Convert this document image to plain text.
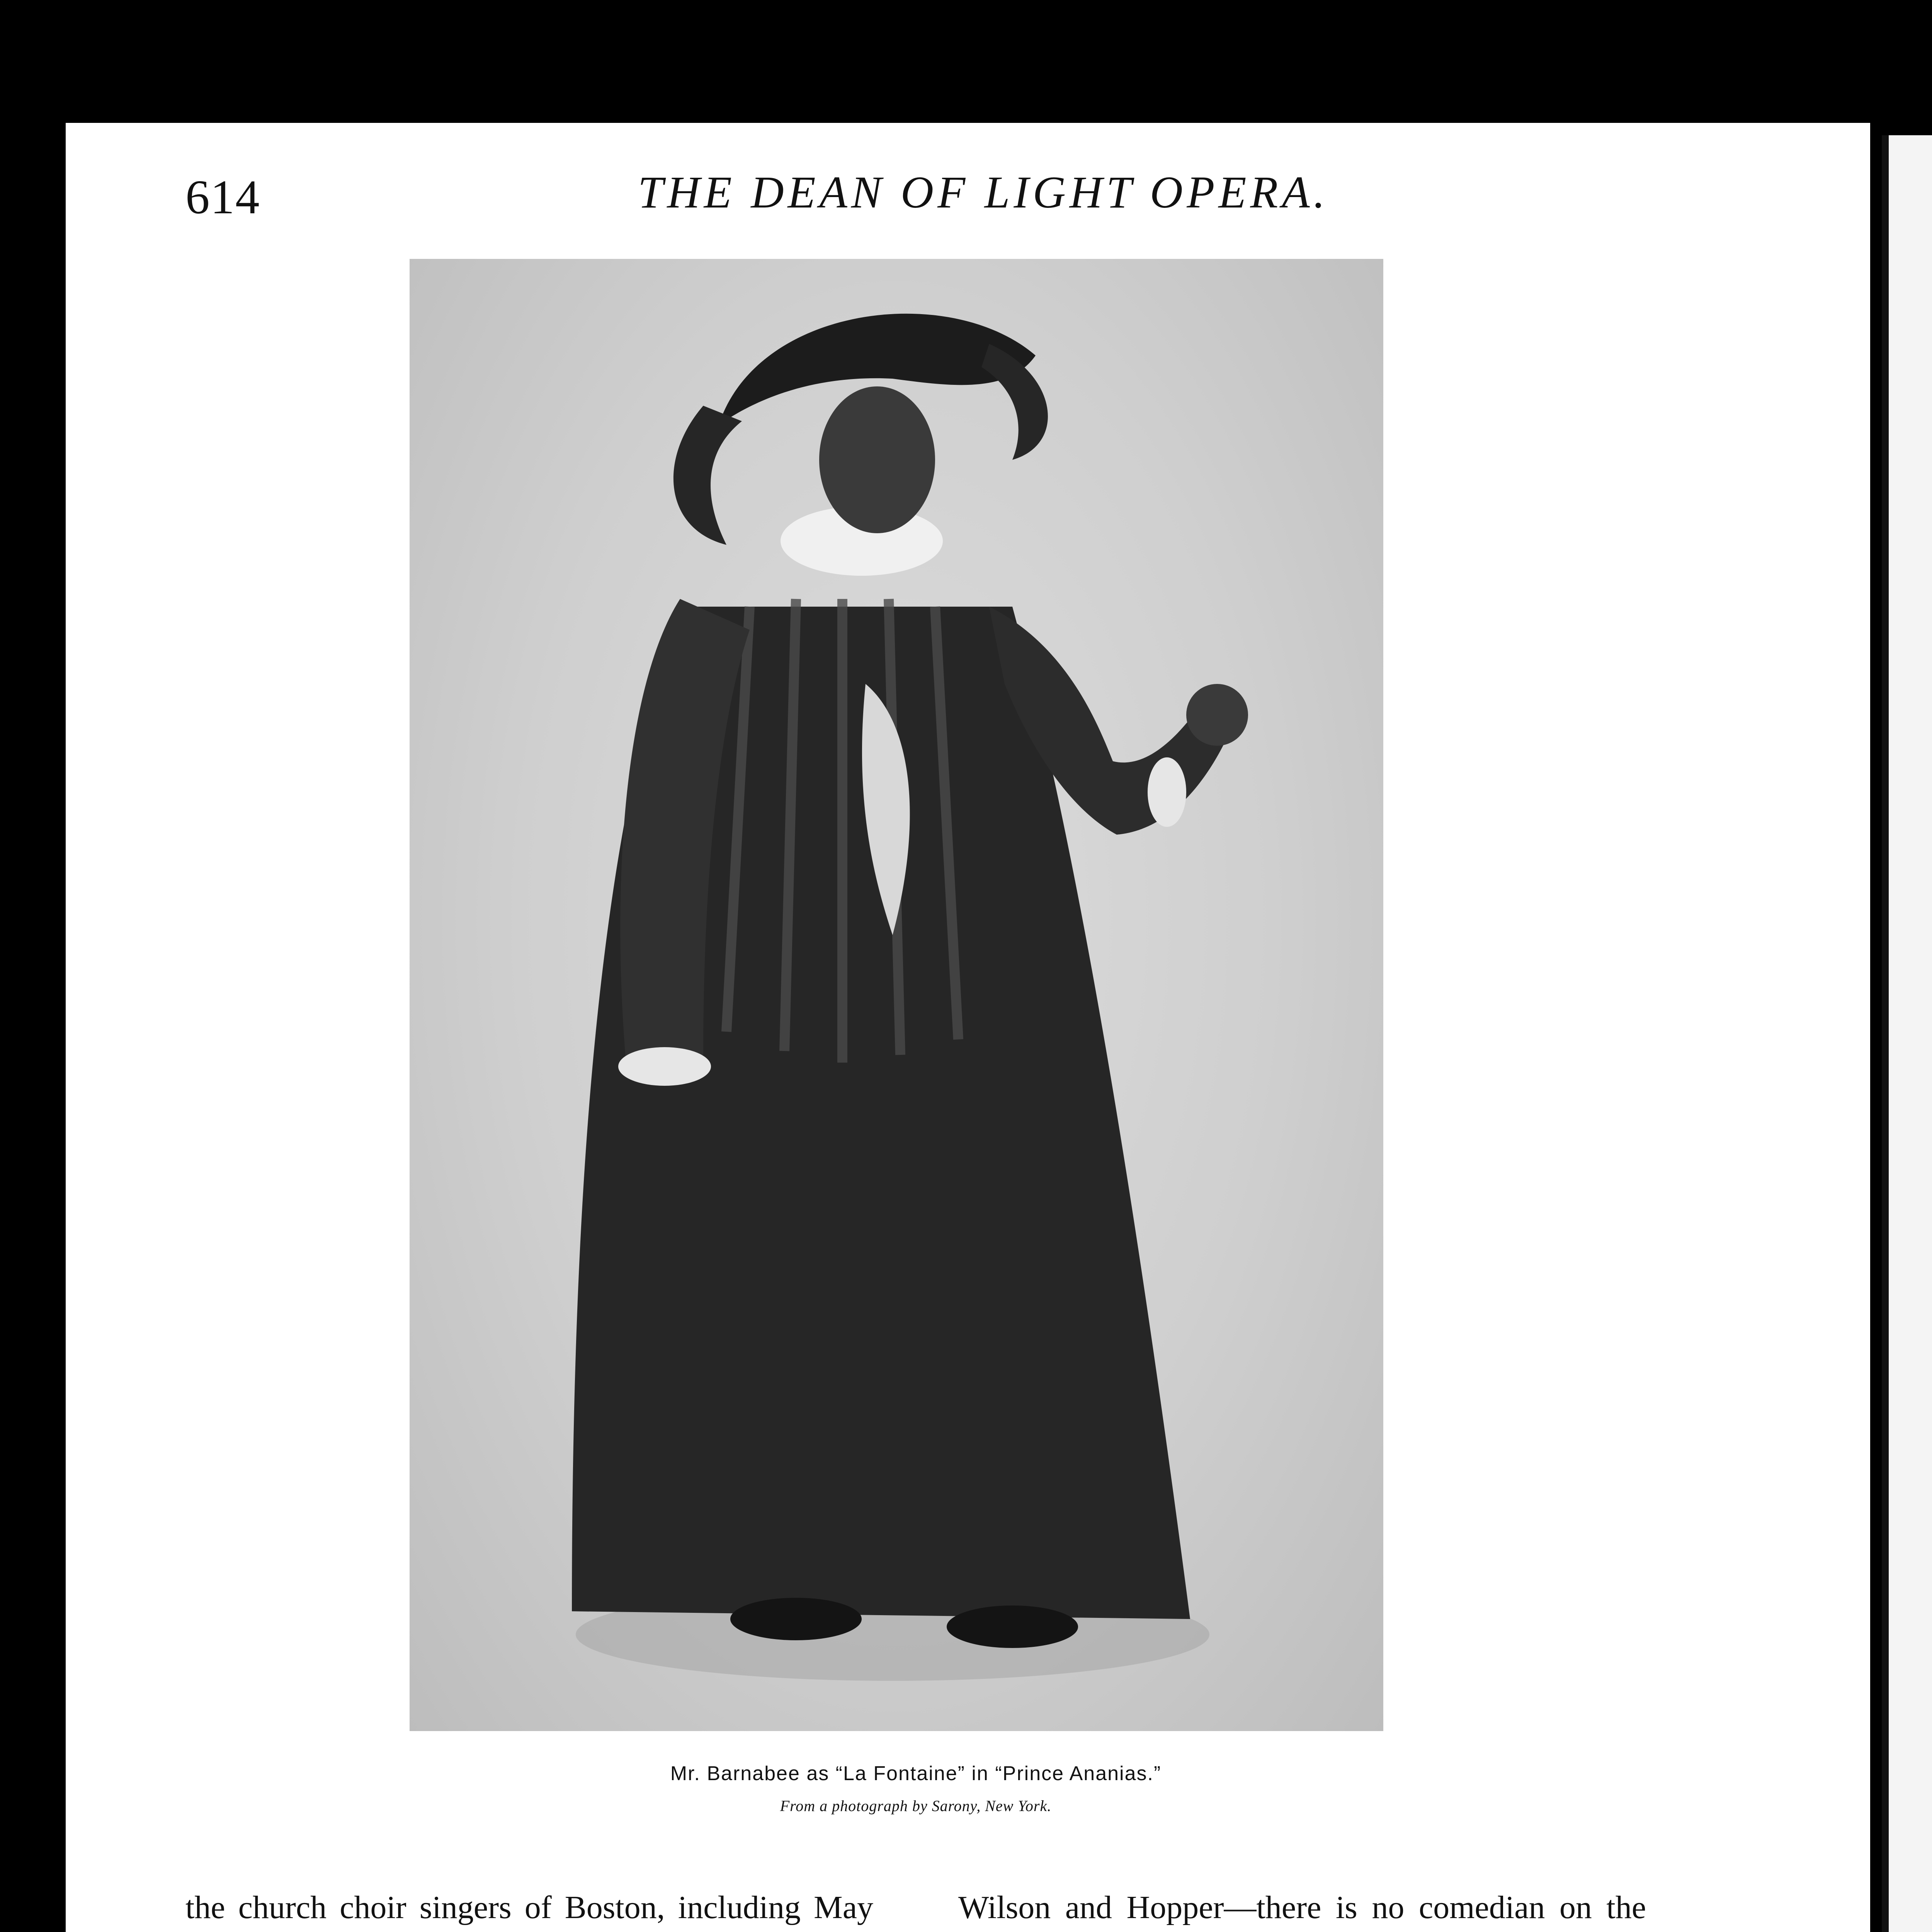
614	THE DEAN OF LIGHT OPERA.
Mr. Barnabee as “La Fontaine” in “Prince Ananias.”
From a photograph by Sarony, New York.

the church choir singers of Boston, including May	Wilson and Hopper—there is no comedian on the
